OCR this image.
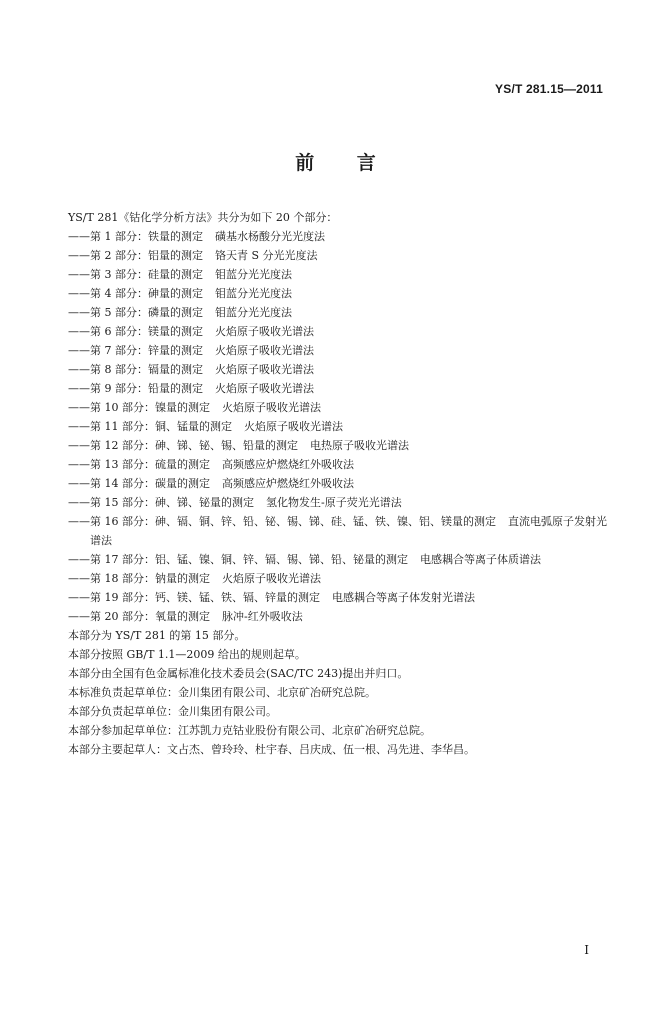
YS/T 281.15—2011
前 言
YS/T 281《钴化学分析方法》共分为如下 20 个部分：
—— 第 1 部分：铁量的测定 磺基水杨酸分光光度法
—— 第 2 部分：铝量的测定 铬天青 S 分光光度法
—— 第 3 部分：硅量的测定 钼蓝分光光度法
—— 第 4 部分：砷量的测定 钼蓝分光光度法
—— 第 5 部分：磷量的测定 钼蓝分光光度法
—— 第 6 部分：镁量的测定 火焰原子吸收光谱法
—— 第 7 部分：锌量的测定 火焰原子吸收光谱法
—— 第 8 部分：镉量的测定 火焰原子吸收光谱法
—— 第 9 部分：铅量的测定 火焰原子吸收光谱法
—— 第 10 部分：镍量的测定 火焰原子吸收光谱法
—— 第 11 部分：铜、锰量的测定 火焰原子吸收光谱法
—— 第 12 部分：砷、锑、铋、锡、铅量的测定 电热原子吸收光谱法
—— 第 13 部分：硫量的测定 高频感应炉燃烧红外吸收法
—— 第 14 部分：碳量的测定 高频感应炉燃烧红外吸收法
—— 第 15 部分：砷、锑、铋量的测定 氢化物发生-原子荧光光谱法
—— 第 16 部分：砷、镉、铜、锌、铅、铋、锡、锑、硅、锰、铁、镍、铝、镁量的测定 直流电弧原子发射光谱法
—— 第 17 部分：铝、锰、镍、铜、锌、镉、锡、锑、铅、铋量的测定 电感耦合等离子体质谱法
—— 第 18 部分：钠量的测定 火焰原子吸收光谱法
—— 第 19 部分：钙、镁、锰、铁、镉、锌量的测定 电感耦合等离子体发射光谱法
—— 第 20 部分：氧量的测定 脉冲-红外吸收法
本部分为 YS/T 281 的第 15 部分。
本部分按照 GB/T 1.1—2009 给出的规则起草。
本部分由全国有色金属标准化技术委员会(SAC/TC 243)提出并归口。
本标准负责起草单位：金川集团有限公司、北京矿冶研究总院。
本部分负责起草单位：金川集团有限公司。
本部分参加起草单位：江苏凯力克钴业股份有限公司、北京矿冶研究总院。
本部分主要起草人：文占杰、曾玲玲、杜宇春、吕庆成、伍一根、冯先进、李华昌。
I
